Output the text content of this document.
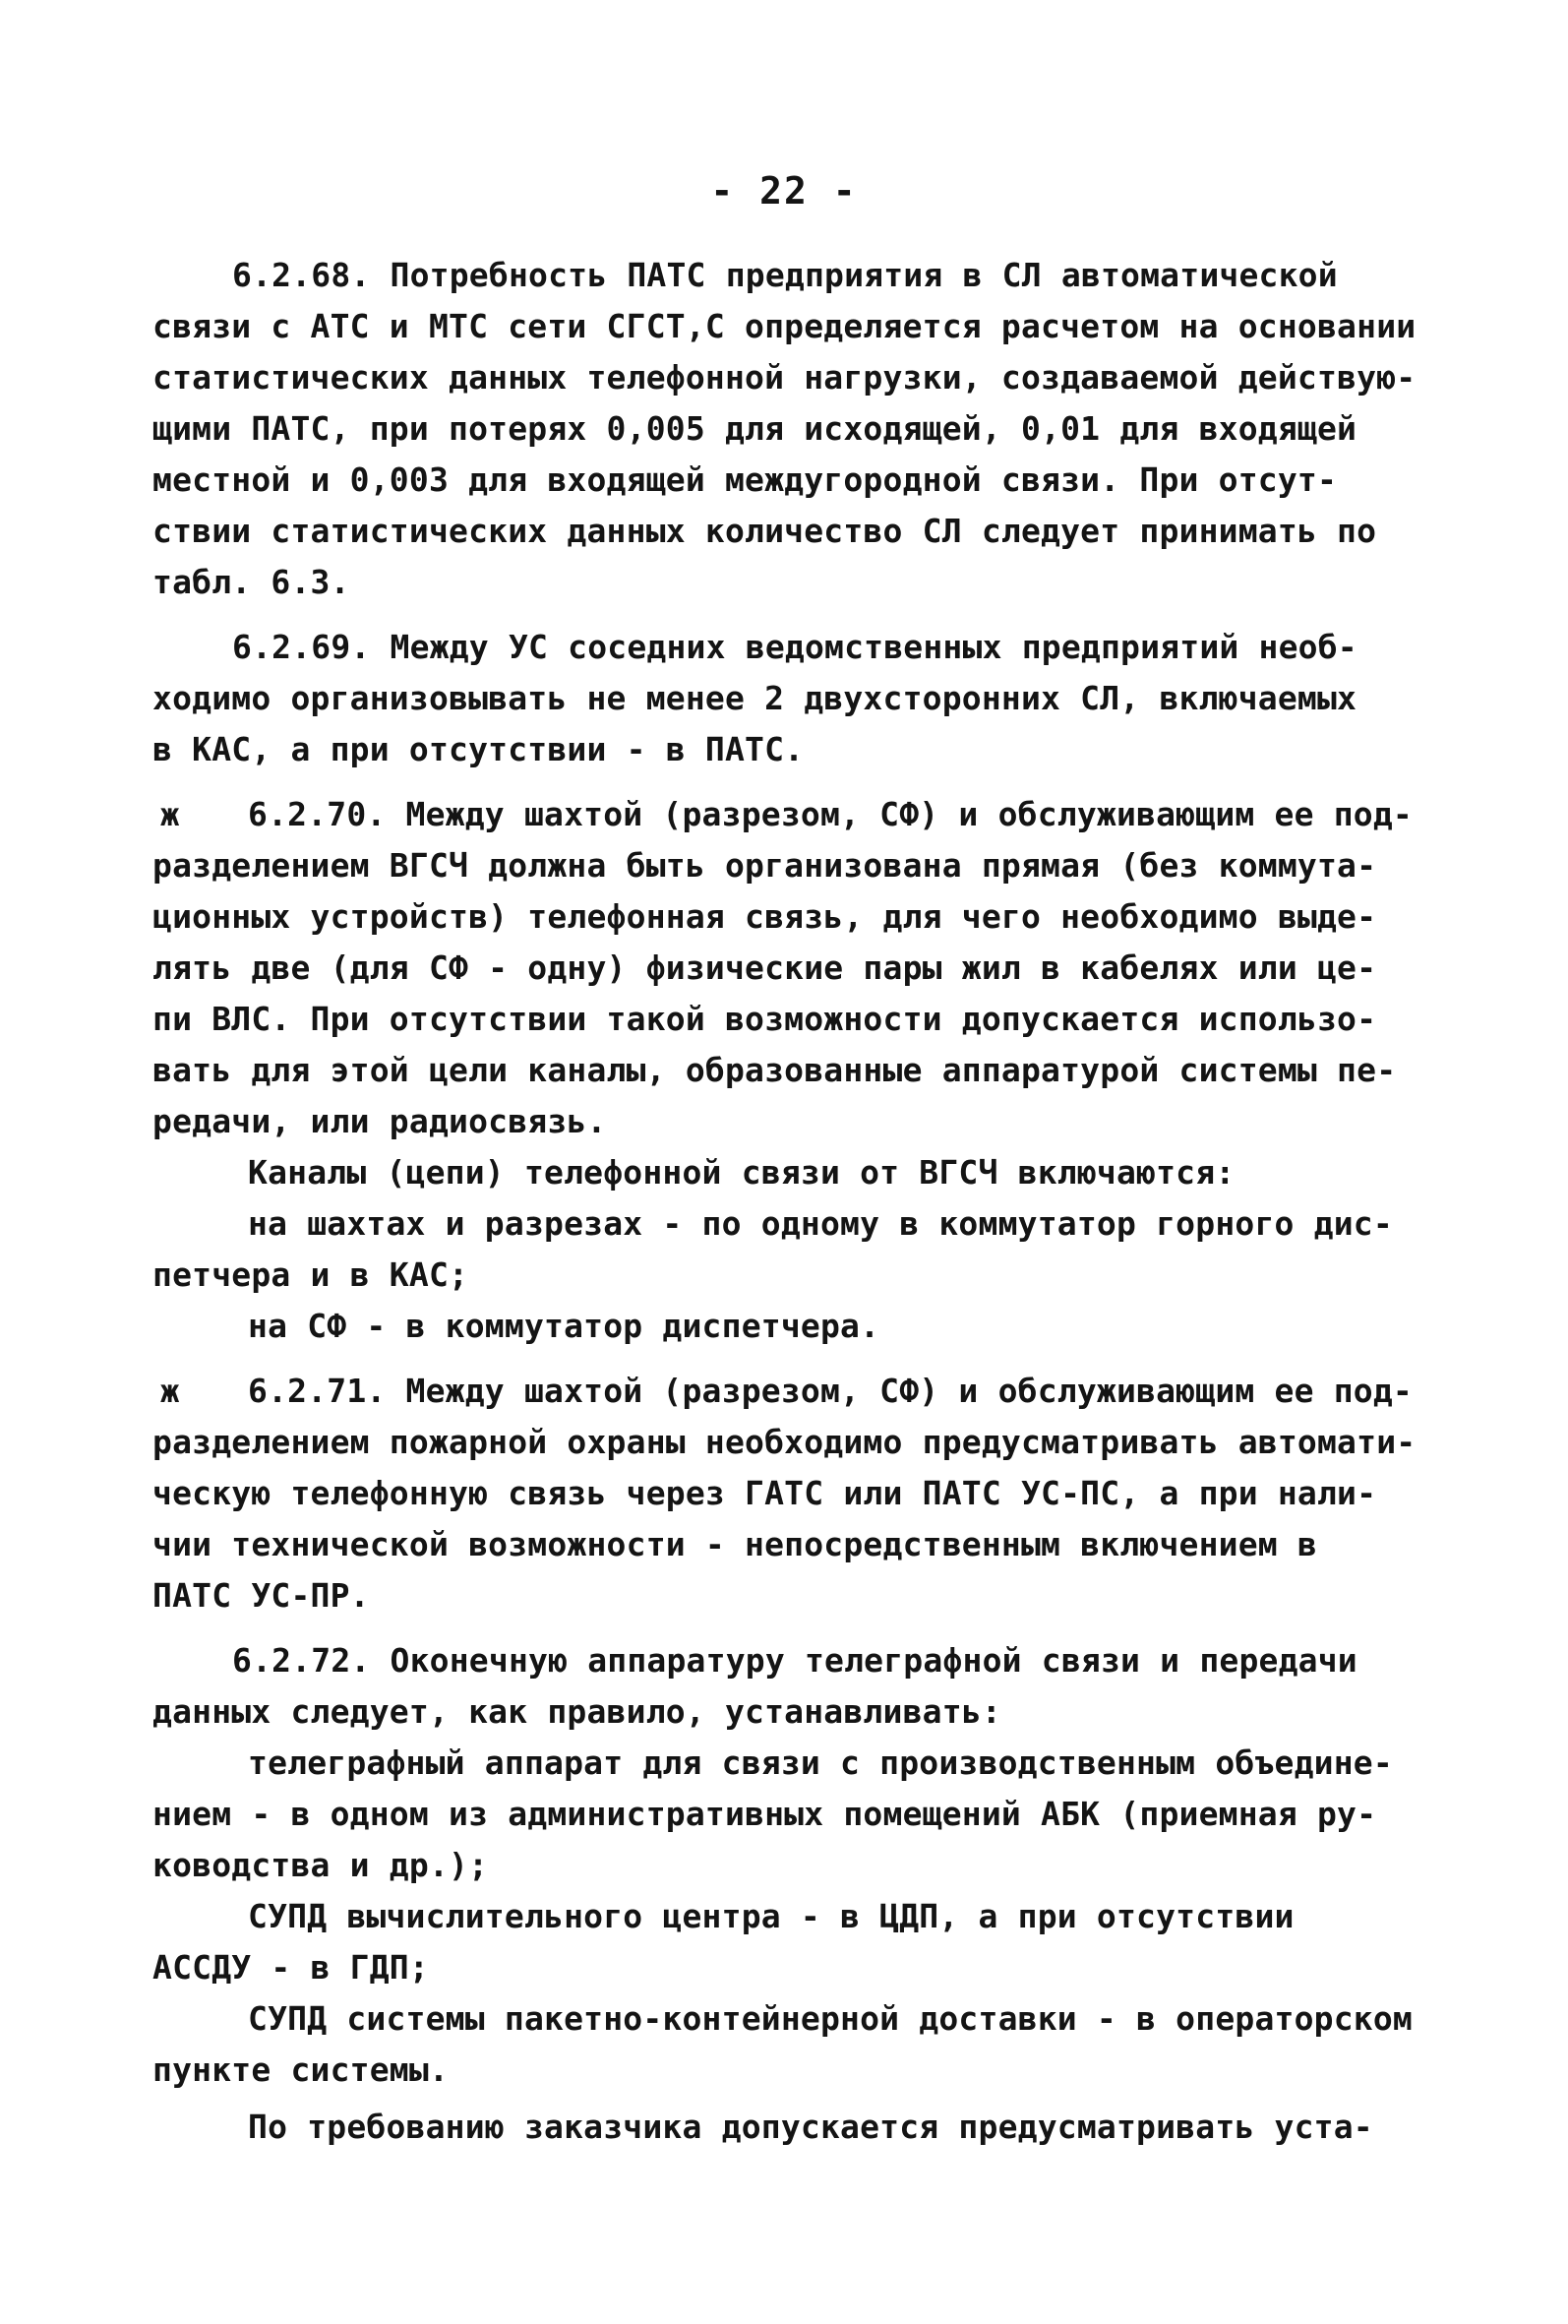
- 22 -
6.2.68. Потребность ПАТС предприятия в СЛ автоматической
связи с АТС и МТС сети СГСТ,С определяется расчетом на основании
статистических данных телефонной нагрузки, создаваемой действую-
щими ПАТС, при потерях 0,005 для исходящей, 0,01 для входящей
местной и 0,003 для входящей междугородной связи. При отсут-
ствии статистических данных количество СЛ следует принимать по
табл. 6.3.
6.2.69. Между УС соседних ведомственных предприятий необ-
ходимо организовывать не менее 2 двухсторонних СЛ, включаемых
в КАС, а при отсутствии - в ПАТС.
ж 6.2.70. Между шахтой (разрезом, СФ) и обслуживающим ее под-
разделением ВГСЧ должна быть организована прямая (без коммута-
ционных устройств) телефонная связь, для чего необходимо выде-
лять две (для СФ - одну) физические пары жил в кабелях или це-
пи ВЛС. При отсутствии такой возможности допускается использо-
вать для этой цели каналы, образованные аппаратурой системы пе-
редачи, или радиосвязь.
Каналы (цепи) телефонной связи от ВГСЧ включаются:
на шахтах и разрезах - по одному в коммутатор горного дис-
петчера и в КАС;
на СФ - в коммутатор диспетчера.
ж 6.2.71. Между шахтой (разрезом, СФ) и обслуживающим ее под-
разделением пожарной охраны необходимо предусматривать автомати-
ческую телефонную связь через ГАТС или ПАТС УС-ПС, а при нали-
чии технической возможности - непосредственным включением в
ПАТС УС-ПР.
6.2.72. Оконечную аппаратуру телеграфной связи и передачи
данных следует, как правило, устанавливать:
телеграфный аппарат для связи с производственным объедине-
нием - в одном из административных помещений АБК (приемная ру-
ководства и др.);
СУПД вычислительного центра - в ЦДП, а при отсутствии
АССДУ - в ГДП;
СУПД системы пакетно-контейнерной доставки - в операторском
пункте системы.
По требованию заказчика допускается предусматривать уста-
